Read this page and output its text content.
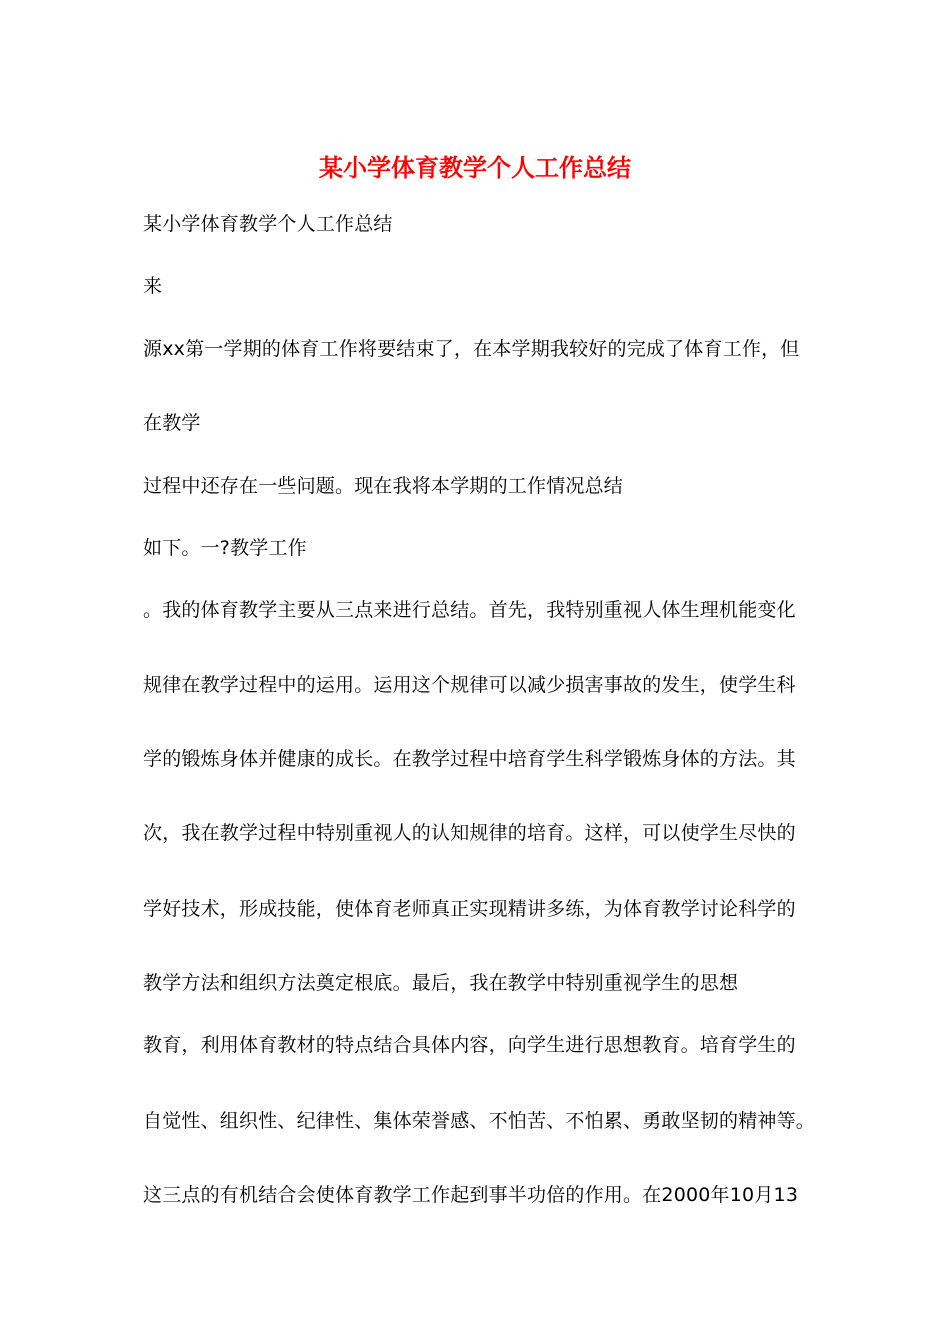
某小学体育教学个人工作总结
某小学体育教学个人工作总结
来
源xx第一学期的体育工作将要结束了，在本学期我较好的完成了体育工作，但
在教学
过程中还存在一些问题。现在我将本学期的工作情况总结
如下。一?教学工作
。我的体育教学主要从三点来进行总结。首先，我特别重视人体生理机能变化
规律在教学过程中的运用。运用这个规律可以减少损害事故的发生，使学生科
学的锻炼身体并健康的成长。在教学过程中培育学生科学锻炼身体的方法。其
次，我在教学过程中特别重视人的认知规律的培育。这样，可以使学生尽快的
学好技术，形成技能，使体育老师真正实现精讲多练，为体育教学讨论科学的
教学方法和组织方法奠定根底。最后，我在教学中特别重视学生的思想
教育，利用体育教材的特点结合具体内容，向学生进行思想教育。培育学生的
自觉性、组织性、纪律性、集体荣誉感、不怕苦、不怕累、勇敢坚韧的精神等。
这三点的有机结合会使体育教学工作起到事半功倍的作用。在2000年10月13
